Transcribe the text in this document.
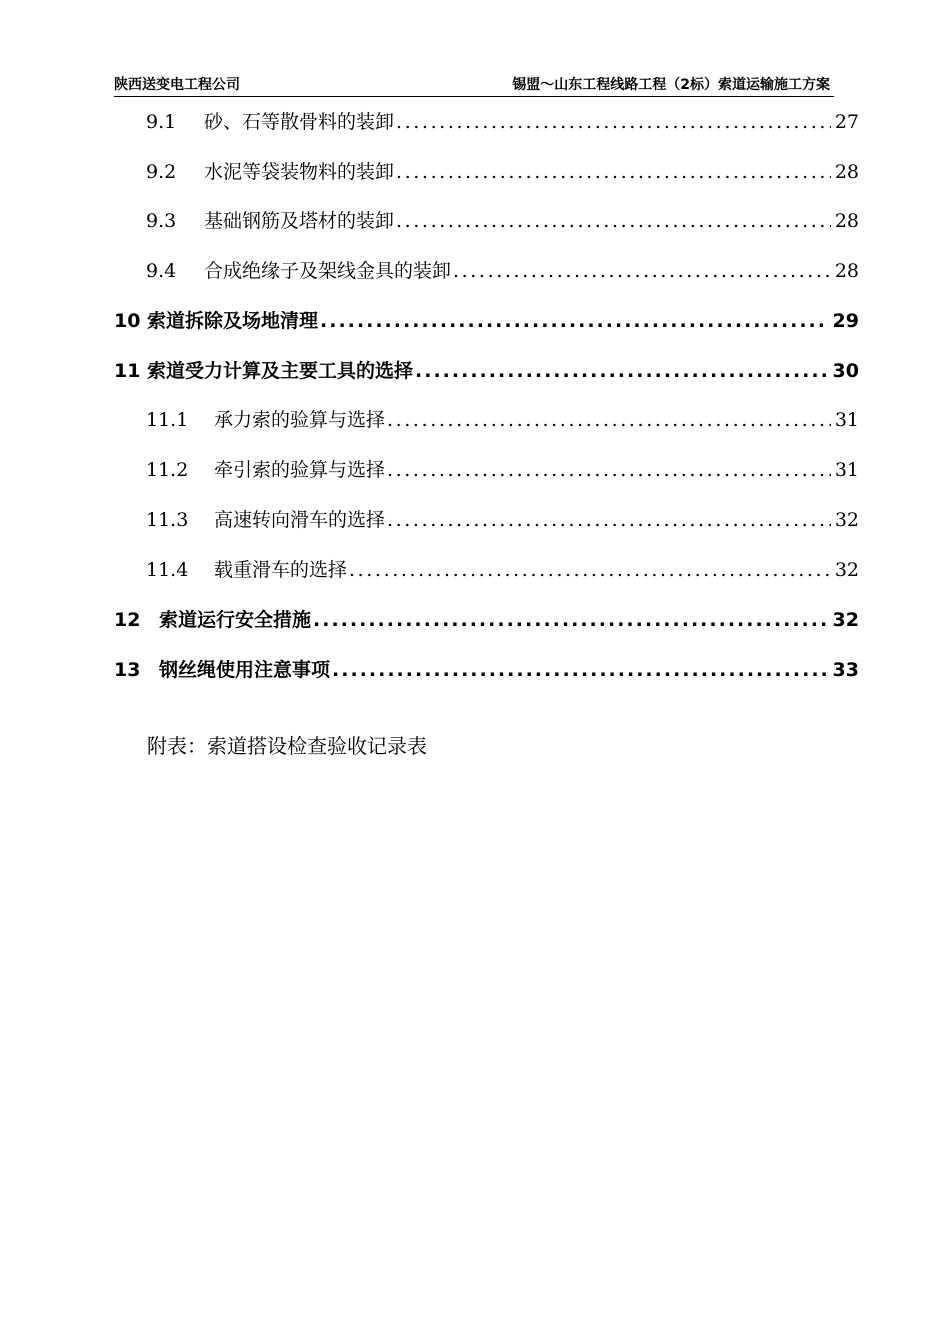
陕西送变电工程公司	锡盟～山东工程线路工程（2标）索道运输施工方案
9.1	砂、石等散骨料的装卸 .....	27
9.2	水泥等袋装物料的装卸 .....	28
9.3	基础钢筋及塔材的装卸 .....	28
9.4	合成绝缘子及架线金具的装卸 .....	28
10 索道拆除及场地清理 .....	29
11 索道受力计算及主要工具的选择 .....	30
11.1	承力索的验算与选择 .....	31
11.2	牵引索的验算与选择 .....	31
11.3	高速转向滑车的选择 .....	32
11.4	载重滑车的选择 .....	32
12 索道运行安全措施 .....	32
13 钢丝绳使用注意事项 .....	33
附表：索道搭设检查验收记录表
